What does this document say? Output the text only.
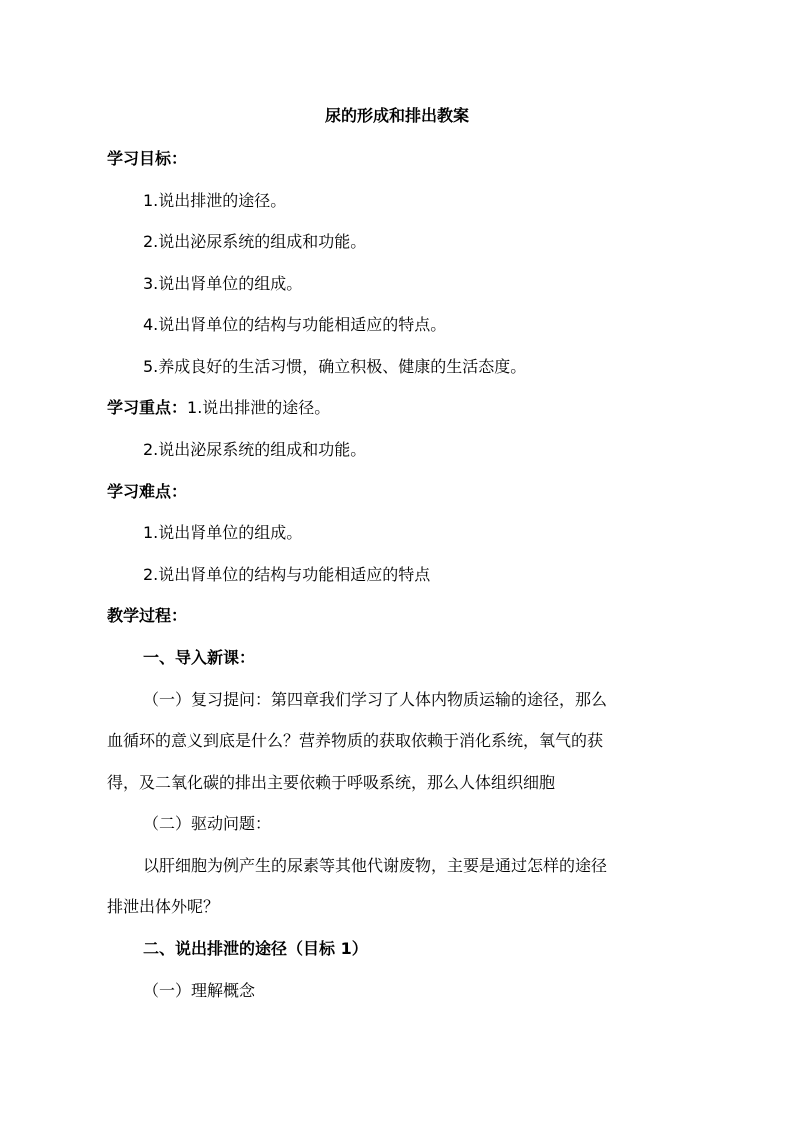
尿的形成和排出教案
学习目标：
1.说出排泄的途径。
2.说出泌尿系统的组成和功能。
3.说出肾单位的组成。
4.说出肾单位的结构与功能相适应的特点。
5.养成良好的生活习惯，确立积极、健康的生活态度。
学习重点：1.说出排泄的途径。
2.说出泌尿系统的组成和功能。
学习难点：
1.说出肾单位的组成。
2.说出肾单位的结构与功能相适应的特点
教学过程：
一、导入新课：
（一）复习提问：第四章我们学习了人体内物质运输的途径，那么
血循环的意义到底是什么？营养物质的获取依赖于消化系统，氧气的获
得，及二氧化碳的排出主要依赖于呼吸系统，那么人体组织细胞
（二）驱动问题：
以肝细胞为例产生的尿素等其他代谢废物，主要是通过怎样的途径
排泄出体外呢？
二、说出排泄的途径（目标 1）
（一）理解概念
